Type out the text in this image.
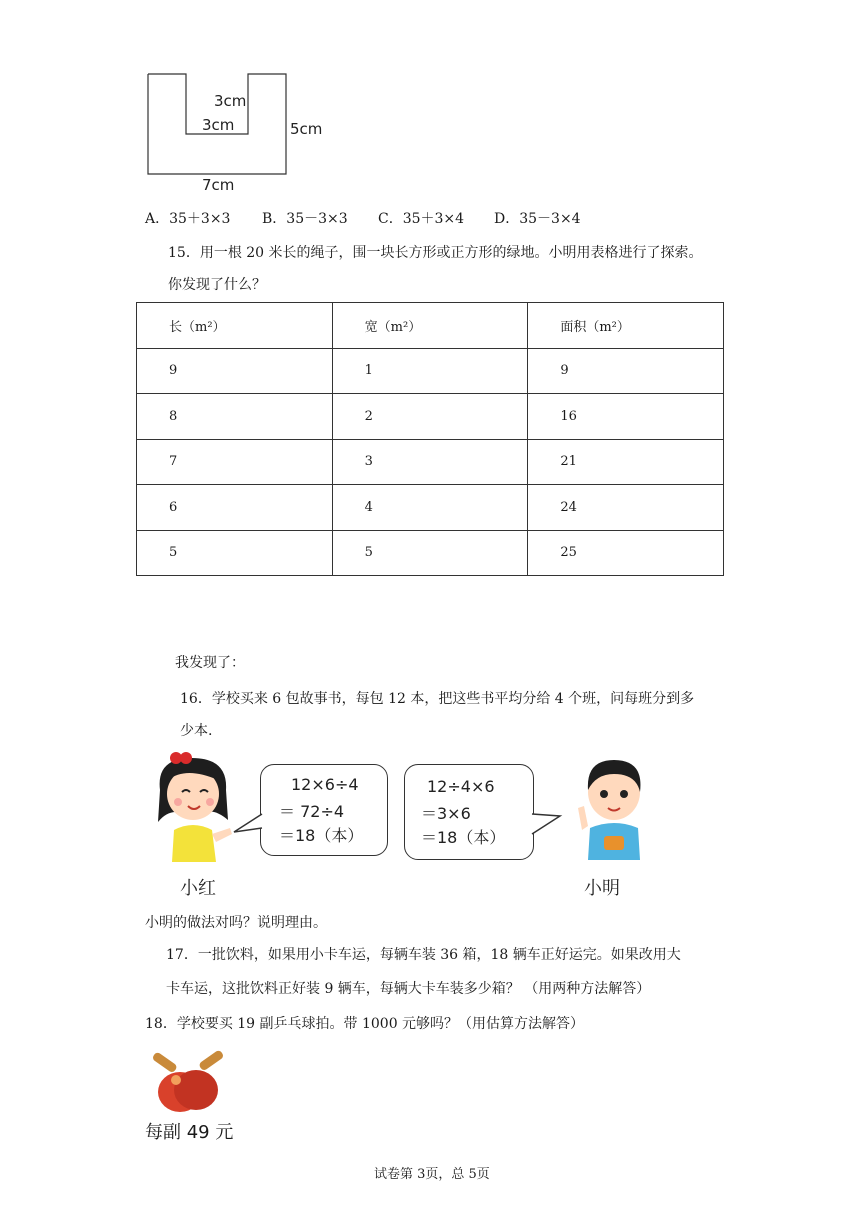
3cm
3cm	5cm
7cm
A．35＋3×3 B．35－3×3 C．35＋3×4 D．35－3×4
15．用一根 20 米长的绳子，围一块长方形或正方形的绿地。小明用表格进行了探索。
你发现了什么？
长（m²）	宽（m²）	面积（m²）
9	1	9
8	2	16
7	3	21
6	4	24
5	5	25
我发现了：
16．学校买来 6 包故事书，每包 12 本，把这些书平均分给 4 个班，问每班分到多
少本.
12×6÷4
＝ 72÷4
＝18（本）
12÷4×6
＝3×6
＝18（本）
小红	小明
小明的做法对吗？说明理由。
17．一批饮料，如果用小卡车运，每辆车装 36 箱，18 辆车正好运完。如果改用大
卡车运，这批饮料正好装 9 辆车，每辆大卡车装多少箱？ （用两种方法解答）
18．学校要买 19 副乒乓球拍。带 1000 元够吗？（用估算方法解答）
每副 49 元
试卷第 3页，总 5页
